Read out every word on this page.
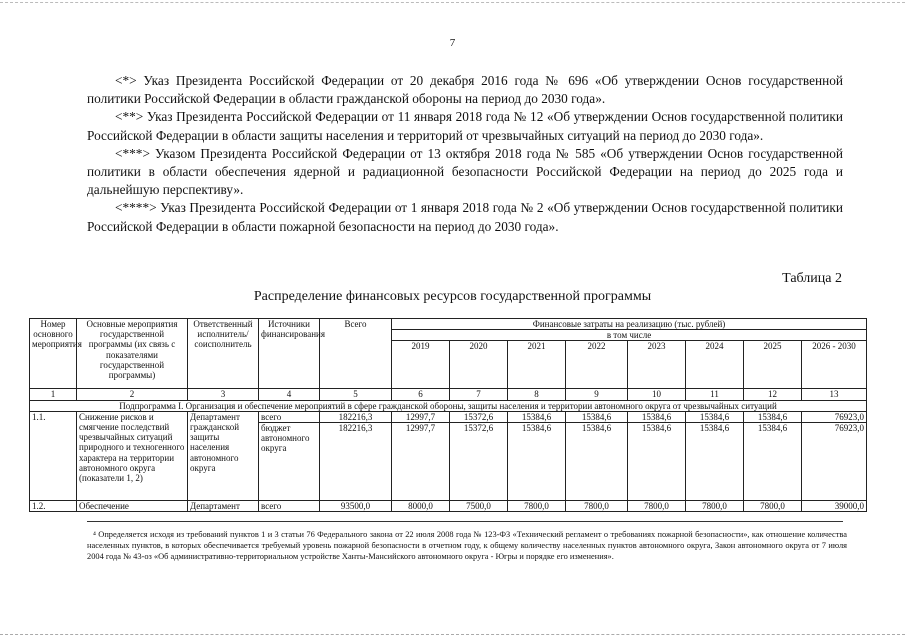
7

<*> Указ Президента Российской Федерации от 20 декабря 2016 года № 696 «Об утверждении Основ государственной политики Российской Федерации в области гражданской обороны на период до 2030 года».

<**> Указ Президента Российской Федерации от 11 января 2018 года № 12 «Об утверждении Основ государственной политики Российской Федерации в области защиты населения и территорий от чрезвычайных ситуаций на период до 2030 года».

<***> Указом Президента Российской Федерации от 13 октября 2018 года № 585 «Об утверждении Основ государственной политики в области обеспечения ядерной и радиационной безопасности Российской Федерации на период до 2025 года и дальнейшую перспективу».

<****> Указ Президента Российской Федерации от 1 января 2018 года № 2 «Об утверждении Основ государственной политики Российской Федерации в области пожарной безопасности на период до 2030 года».

Таблица 2
Распределение финансовых ресурсов государственной программы
Номер основного мероприятия	Основные мероприятия государственной программы (их связь с показателями государственной программы)	Ответственный исполнитель/соисполнитель	Источники финансирования	Всего	Финансовые затраты на реализацию (тыс. рублей)							
					в том числе							
					2019	2020	2021	2022	2023	2024	2025	2026 - 2030
1	2	3	4	5	6	7	8	9	10	11	12	13
Подпрограмма I. Организация и обеспечение мероприятий в сфере гражданской обороны, защиты населения и территории автономного округа от чрезвычайных ситуаций												
1.1.	Снижение рисков и смягчение последствий чрезвычайных ситуаций природного и техногенного характера на территории автономного округа (показатели 1, 2)	Департамент гражданской защиты населения автономного округа	всего	182216,3	12997,7	15372,6	15384,6	15384,6	15384,6	15384,6	15384,6	76923,0
			бюджет автономного округа	182216,3	12997,7	15372,6	15384,6	15384,6	15384,6	15384,6	15384,6	76923,0
1.2.	Обеспечение	Департамент	всего	93500,0	8000,0	7500,0	7800,0	7800,0	7800,0	7800,0	7800,0	39000,0

⁴ Определяется исходя из требований пунктов 1 и 3 статьи 76 Федерального закона от 22 июля 2008 года № 123-ФЗ «Технический регламент о требованиях пожарной безопасности», как отношение количества населенных пунктов, в которых обеспечивается требуемый уровень пожарной безопасности в отчетном году, к общему количеству населенных пунктов автономного округа, Закон автономного округа от 7 июля 2004 года № 43-оз «Об административно-территориальном устройстве Ханты-Мансийского автономного округа - Югры и порядке его изменения».
